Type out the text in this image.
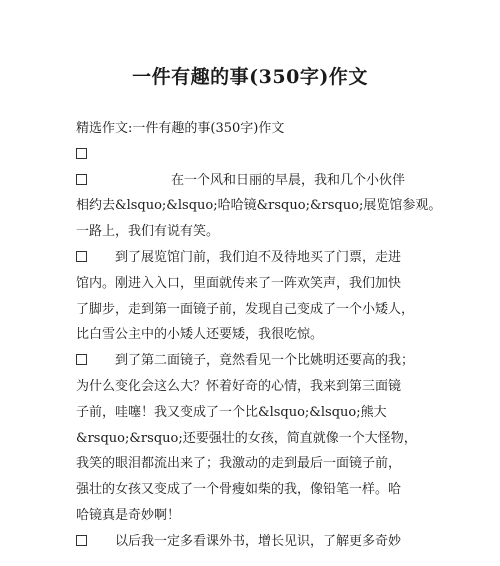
一件有趣的事(350字)作文
精选作文:一件有趣的事(350字)作文
在一个风和日丽的早晨，我和几个小伙伴
相约去&lsquo;&lsquo;哈哈镜&rsquo;&rsquo;展览馆参观。
一路上，我们有说有笑。
到了展览馆门前，我们迫不及待地买了门票，走进
馆内。刚进入入口，里面就传来了一阵欢笑声，我们加快
了脚步，走到第一面镜子前，发现自己变成了一个小矮人，
比白雪公主中的小矮人还要矮，我很吃惊。
到了第二面镜子，竟然看见一个比姚明还要高的我；
为什么变化会这么大？怀着好奇的心情，我来到第三面镜
子前，哇噻！我又变成了一个比&lsquo;&lsquo;熊大
&rsquo;&rsquo;还要强壮的女孩，简直就像一个大怪物，
我笑的眼泪都流出来了；我激动的走到最后一面镜子前，
强壮的女孩又变成了一个骨瘦如柴的我，像铅笔一样。哈
哈镜真是奇妙啊！
以后我一定多看课外书，增长见识，了解更多奇妙
